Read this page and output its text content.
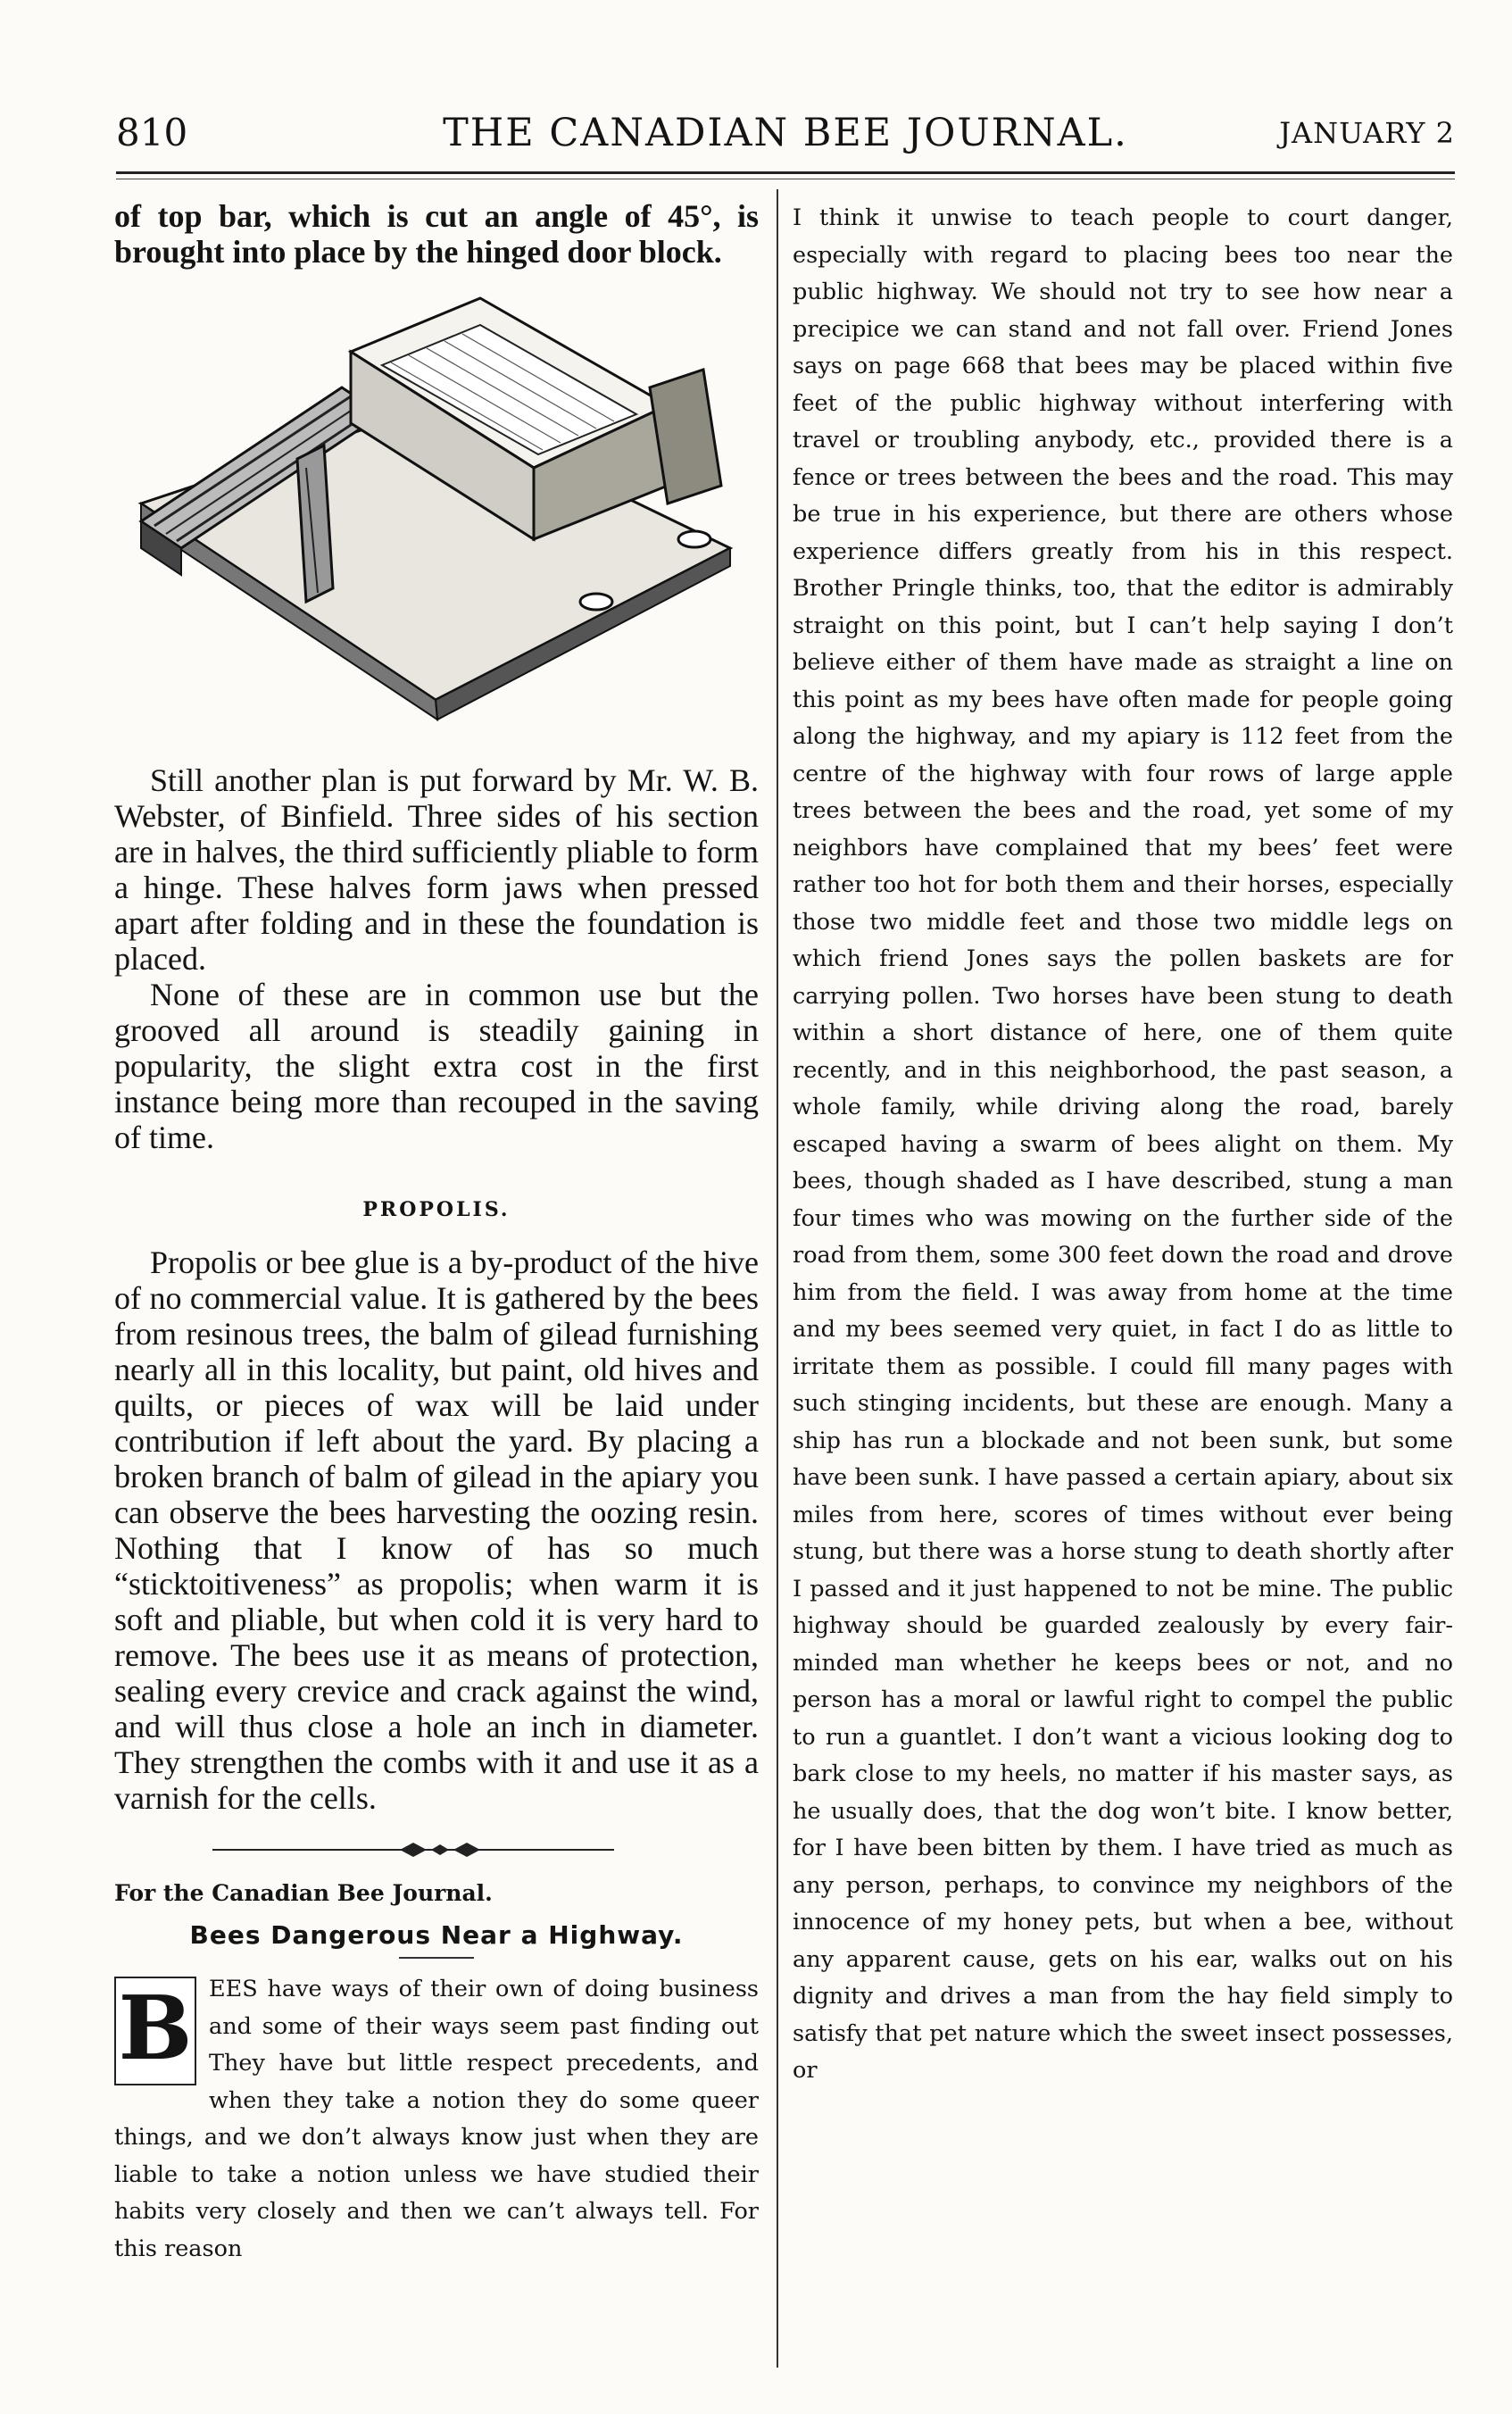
810	THE CANADIAN BEE JOURNAL.	JANUARY 2

of top bar, which is cut an angle of 45°, is brought into place by the hinged door block.

Still another plan is put forward by Mr. W. B. Webster, of Binfield. Three sides of his section are in halves, the third sufficiently pliable to form a hinge. These halves form jaws when pressed apart after folding and in these the foundation is placed.

None of these are in common use but the grooved all around is steadily gaining in popularity, the slight extra cost in the first instance being more than recouped in the saving of time.

PROPOLIS.

Propolis or bee glue is a by-product of the hive of no commercial value. It is gathered by the bees from resinous trees, the balm of gilead furnishing nearly all in this locality, but paint, old hives and quilts, or pieces of wax will be laid under contribution if left about the yard. By placing a broken branch of balm of gilead in the apiary you can observe the bees harvesting the oozing resin. Nothing that I know of has so much “sticktoitiveness” as propolis; when warm it is soft and pliable, but when cold it is very hard to remove. The bees use it as means of protection, sealing every crevice and crack against the wind, and will thus close a hole an inch in diameter. They strengthen the combs with it and use it as a varnish for the cells.

For the Canadian Bee Journal.
Bees Dangerous Near a Highway.
B EES have ways of their own of doing business and some of their ways seem past finding out They have but little respect precedents, and when they take a notion they do some queer things, and we don’t always know just when they are liable to take a notion unless we have studied their habits very closely and then we can’t always tell. For this reason

I think it unwise to teach people to court danger, especially with regard to placing bees too near the public highway. We should not try to see how near a precipice we can stand and not fall over. Friend Jones says on page 668 that bees may be placed within five feet of the public highway without interfering with travel or troubling anybody, etc., provided there is a fence or trees between the bees and the road. This may be true in his experience, but there are others whose experience differs greatly from his in this respect. Brother Pringle thinks, too, that the editor is admirably straight on this point, but I can’t help saying I don’t believe either of them have made as straight a line on this point as my bees have often made for people going along the highway, and my apiary is 112 feet from the centre of the highway with four rows of large apple trees between the bees and the road, yet some of my neighbors have complained that my bees’ feet were rather too hot for both them and their horses, especially those two middle feet and those two middle legs on which friend Jones says the pollen baskets are for carrying pollen. Two horses have been stung to death within a short distance of here, one of them quite recently, and in this neighborhood, the past season, a whole family, while driving along the road, barely escaped having a swarm of bees alight on them. My bees, though shaded as I have described, stung a man four times who was mowing on the further side of the road from them, some 300 feet down the road and drove him from the field. I was away from home at the time and my bees seemed very quiet, in fact I do as little to irritate them as possible. I could fill many pages with such stinging incidents, but these are enough. Many a ship has run a blockade and not been sunk, but some have been sunk. I have passed a certain apiary, about six miles from here, scores of times without ever being stung, but there was a horse stung to death shortly after I passed and it just happened to not be mine. The public highway should be guarded zealously by every fair-minded man whether he keeps bees or not, and no person has a moral or lawful right to compel the public to run a guantlet. I don’t want a vicious looking dog to bark close to my heels, no matter if his master says, as he usually does, that the dog won’t bite. I know better, for I have been bitten by them. I have tried as much as any person, perhaps, to convince my neighbors of the innocence of my honey pets, but when a bee, without any apparent cause, gets on his ear, walks out on his dignity and drives a man from the hay field simply to satisfy that pet nature which the sweet insect possesses, or
